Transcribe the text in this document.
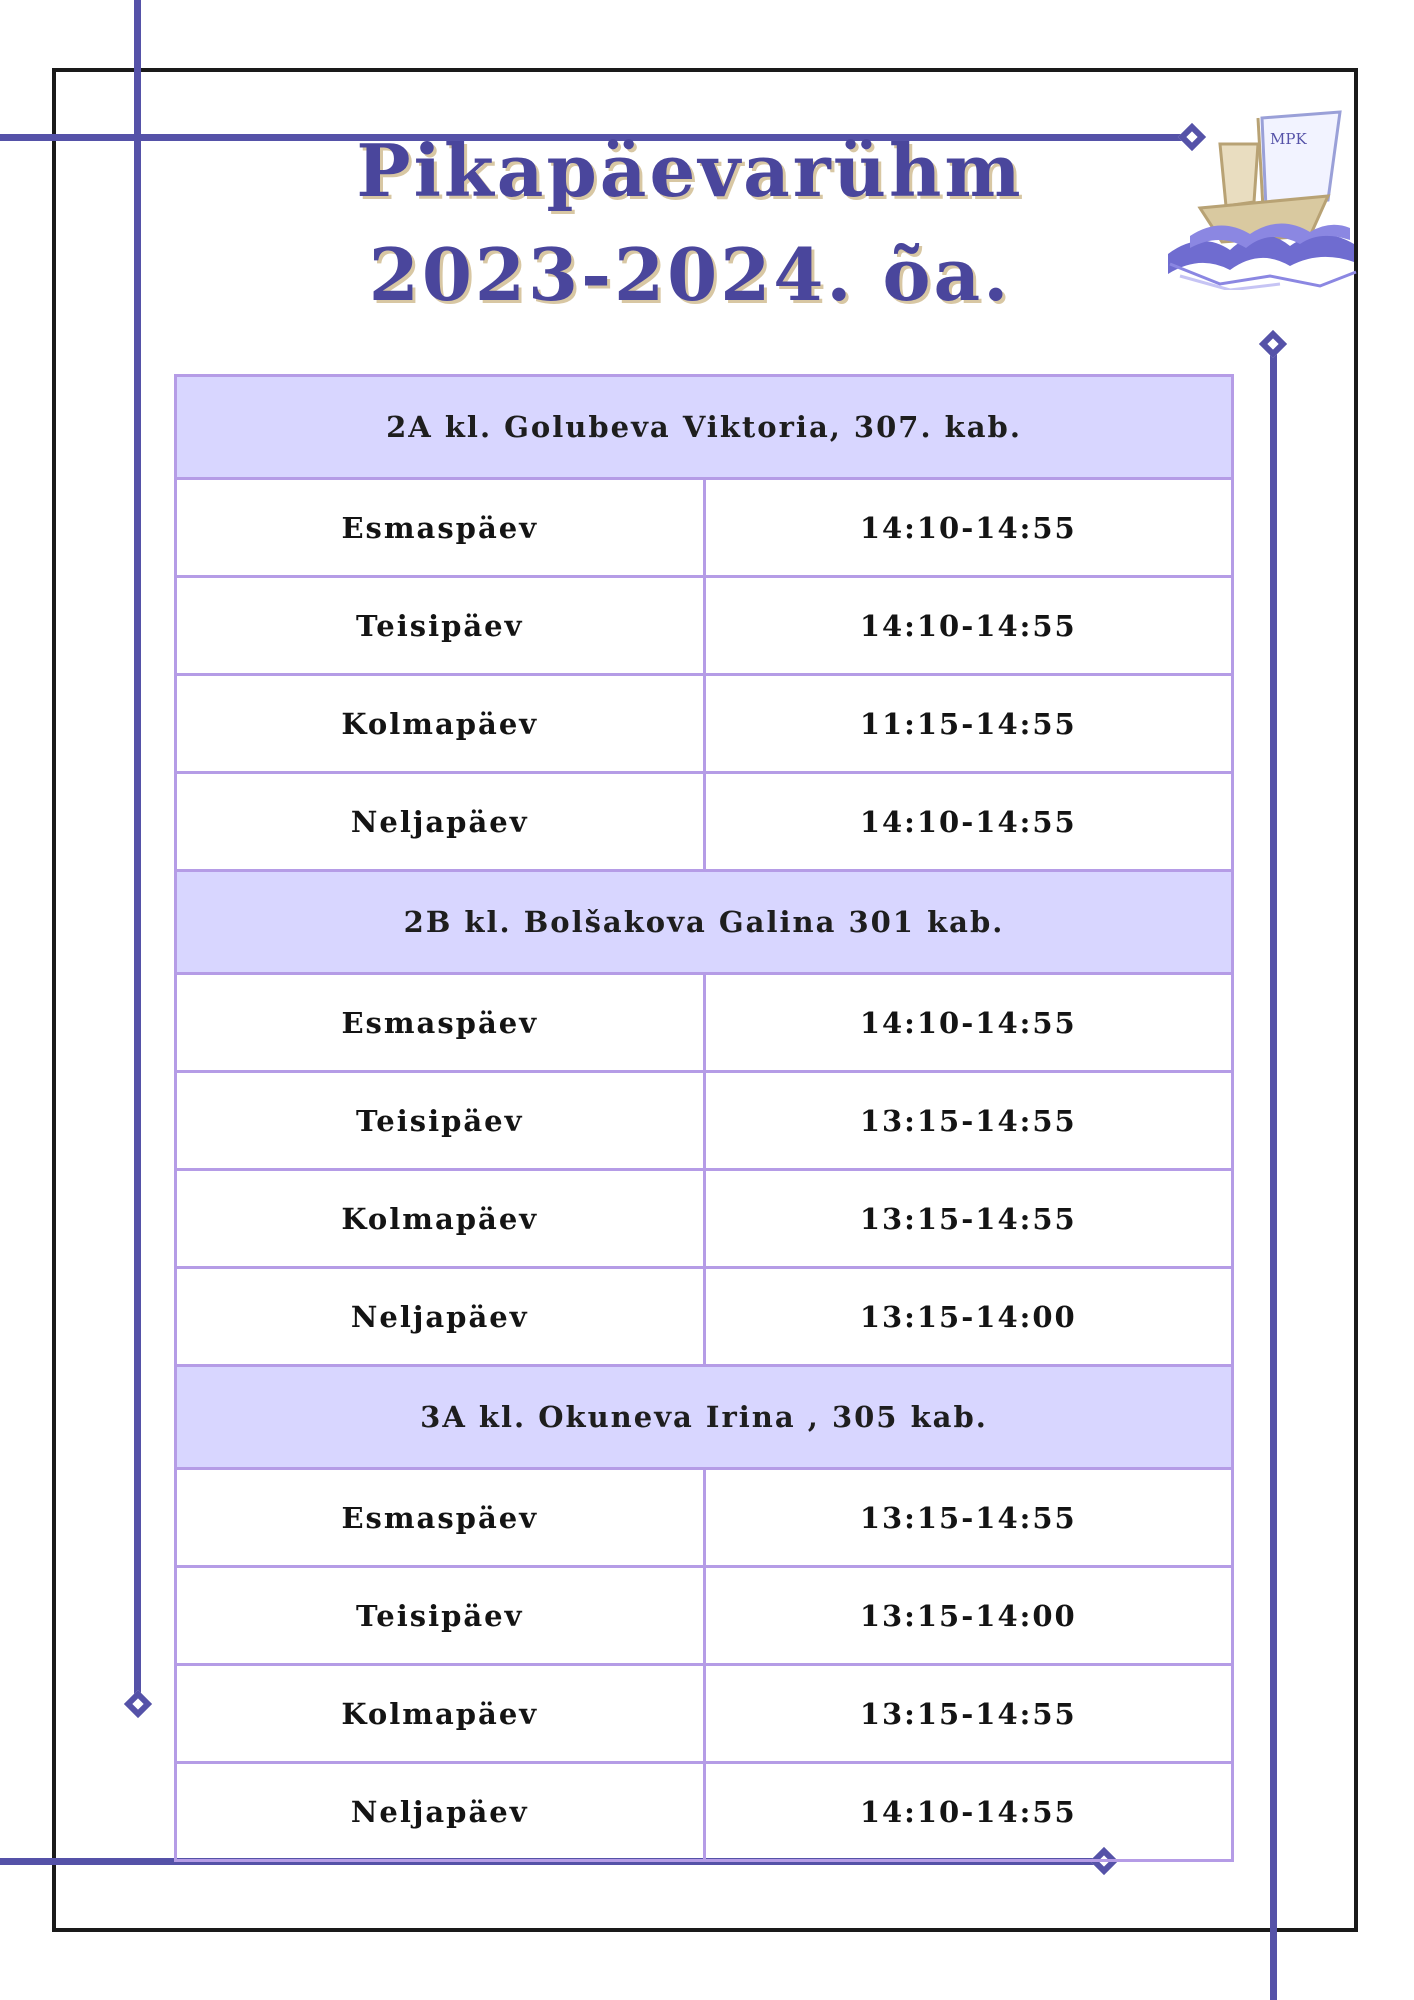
Pikapäevarühm
2023-2024. õa.
MPK
2A kl. Golubeva Viktoria, 307. kab.	
Esmaspäev	14:10-14:55
Teisipäev	14:10-14:55
Kolmapäev	11:15-14:55
Neljapäev	14:10-14:55
2B kl. Bolšakova Galina 301 kab.	
Esmaspäev	14:10-14:55
Teisipäev	13:15-14:55
Kolmapäev	13:15-14:55
Neljapäev	13:15-14:00
3A kl. Okuneva Irina , 305 kab.	
Esmaspäev	13:15-14:55
Teisipäev	13:15-14:00
Kolmapäev	13:15-14:55
Neljapäev	14:10-14:55
